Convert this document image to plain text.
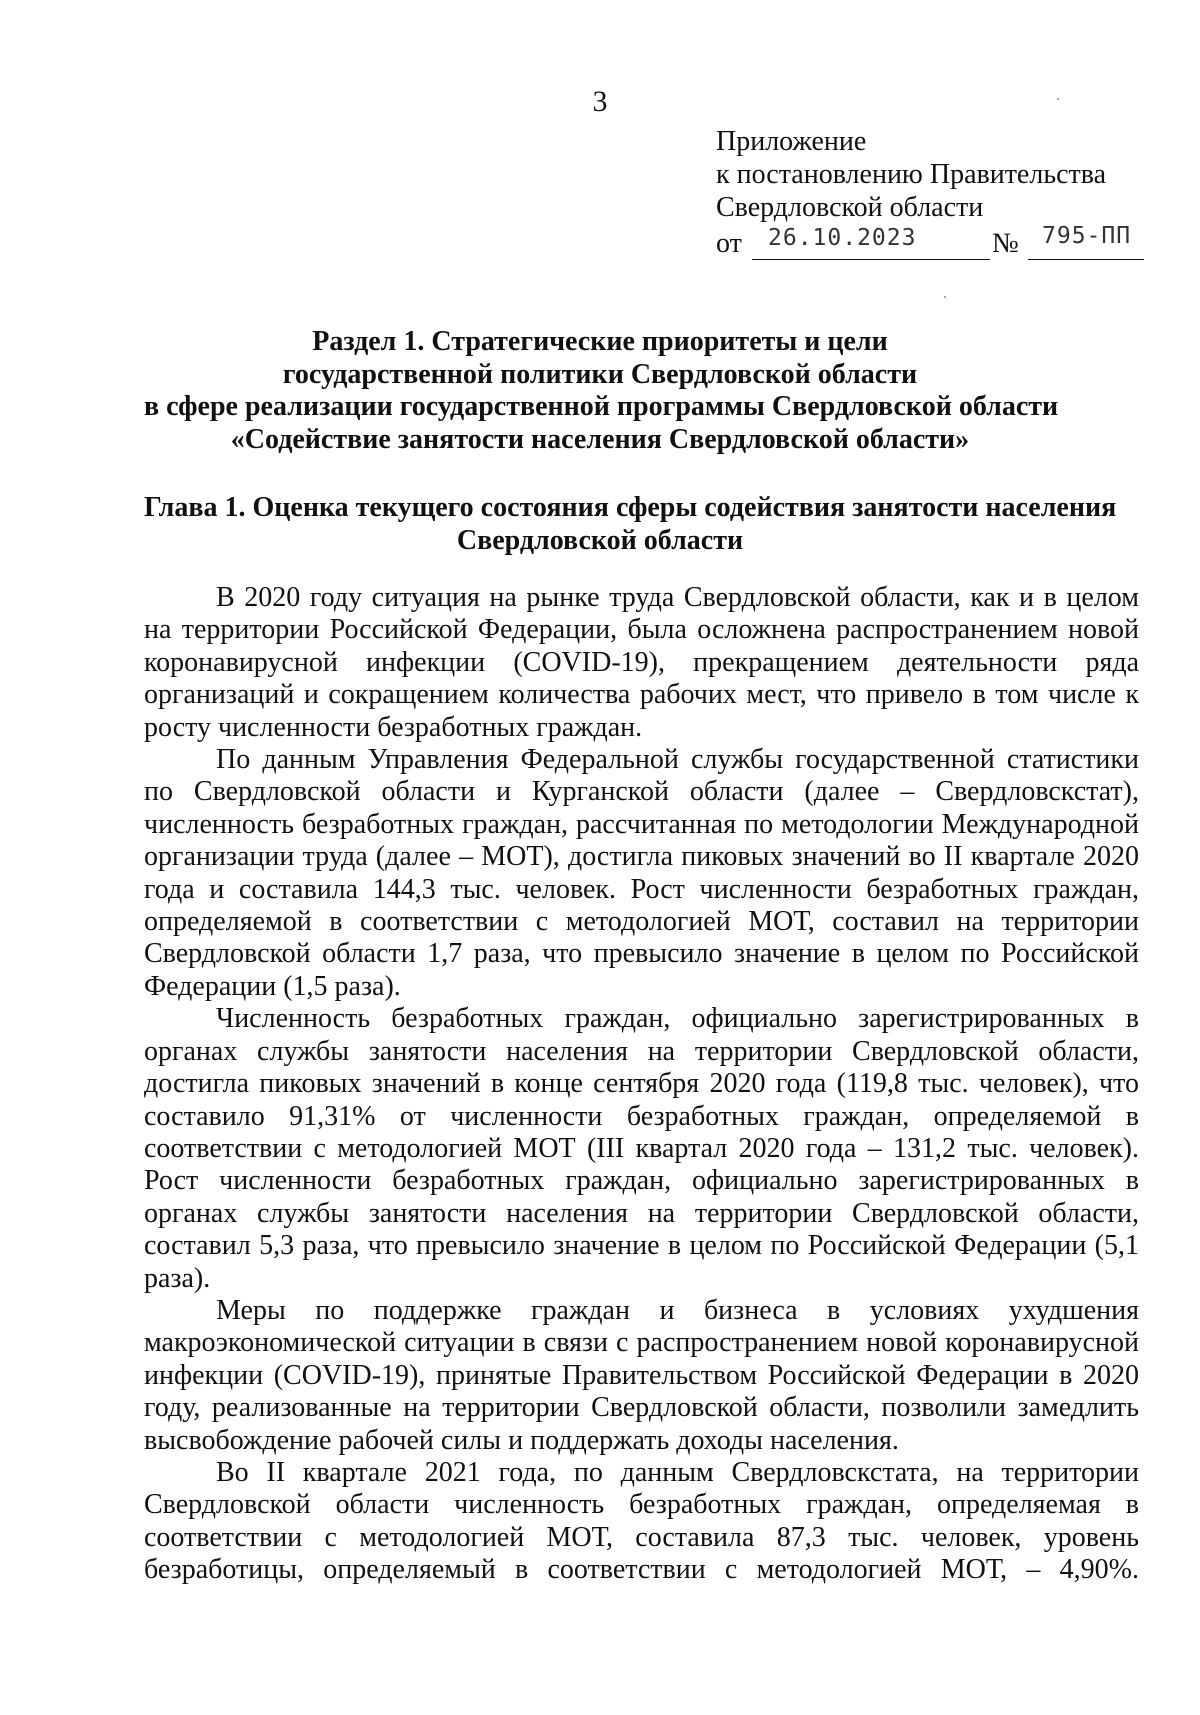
3
Приложение
к постановлению Правительства
Свердловской области
от 26.10.2023	№ 795-ПП
Раздел 1. Стратегические приоритеты и цели
государственной политики Свердловской области
в сфере реализации государственной программы Свердловской области
«Содействие занятости населения Свердловской области»
Глава 1. Оценка текущего состояния сферы содействия занятости населения
Свердловской области

В 2020 году ситуация на рынке труда Свердловской области, как и в целом на территории Российской Федерации, была осложнена распространением новой коронавирусной инфекции (COVID-19), прекращением деятельности ряда организаций и сокращением количества рабочих мест, что привело в том числе к росту численности безработных граждан.

По данным Управления Федеральной службы государственной статистики по Свердловской области и Курганской области (далее – Свердловскстат), численность безработных граждан, рассчитанная по методологии Международной организации труда (далее – МОТ), достигла пиковых значений во II квартале 2020 года и составила 144,3 тыс. человек. Рост численности безработных граждан, определяемой в соответствии с методологией МОТ, составил на территории Свердловской области 1,7 раза, что превысило значение в целом по Российской Федерации (1,5 раза).

Численность безработных граждан, официально зарегистрированных в органах службы занятости населения на территории Свердловской области, достигла пиковых значений в конце сентября 2020 года (119,8 тыс. человек), что составило 91,31% от численности безработных граждан, определяемой в соответствии с методологией МОТ (III квартал 2020 года – 131,2 тыс. человек). Рост численности безработных граждан, официально зарегистрированных в органах службы занятости населения на территории Свердловской области, составил 5,3 раза, что превысило значение в целом по Российской Федерации (5,1 раза).

Меры по поддержке граждан и бизнеса в условиях ухудшения макроэкономической ситуации в связи с распространением новой коронавирусной инфекции (COVID-19), принятые Правительством Российской Федерации в 2020 году, реализованные на территории Свердловской области, позволили замедлить высвобождение рабочей силы и поддержать доходы населения.

Во II квартале 2021 года, по данным Свердловскстата, на территории Свердловской области численность безработных граждан, определяемая в соответствии с методологией МОТ, составила 87,3 тыс. человек, уровень безработицы, определяемый в соответствии с методологией МОТ, – 4,90%.
